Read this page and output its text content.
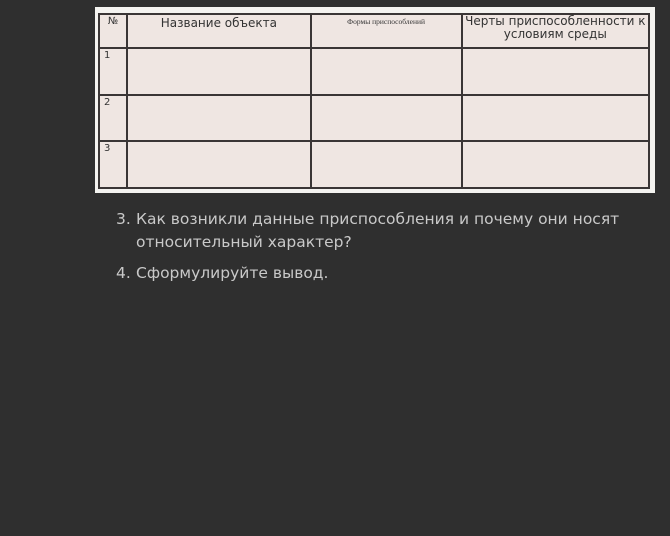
№	Название объекта	Формы приспособлений	Черты приспособленности к условиям среды

1			

2			

3			

3. Как возникли данные приспособления и почему они носят относительный характер?
4. Сформулируйте вывод.
